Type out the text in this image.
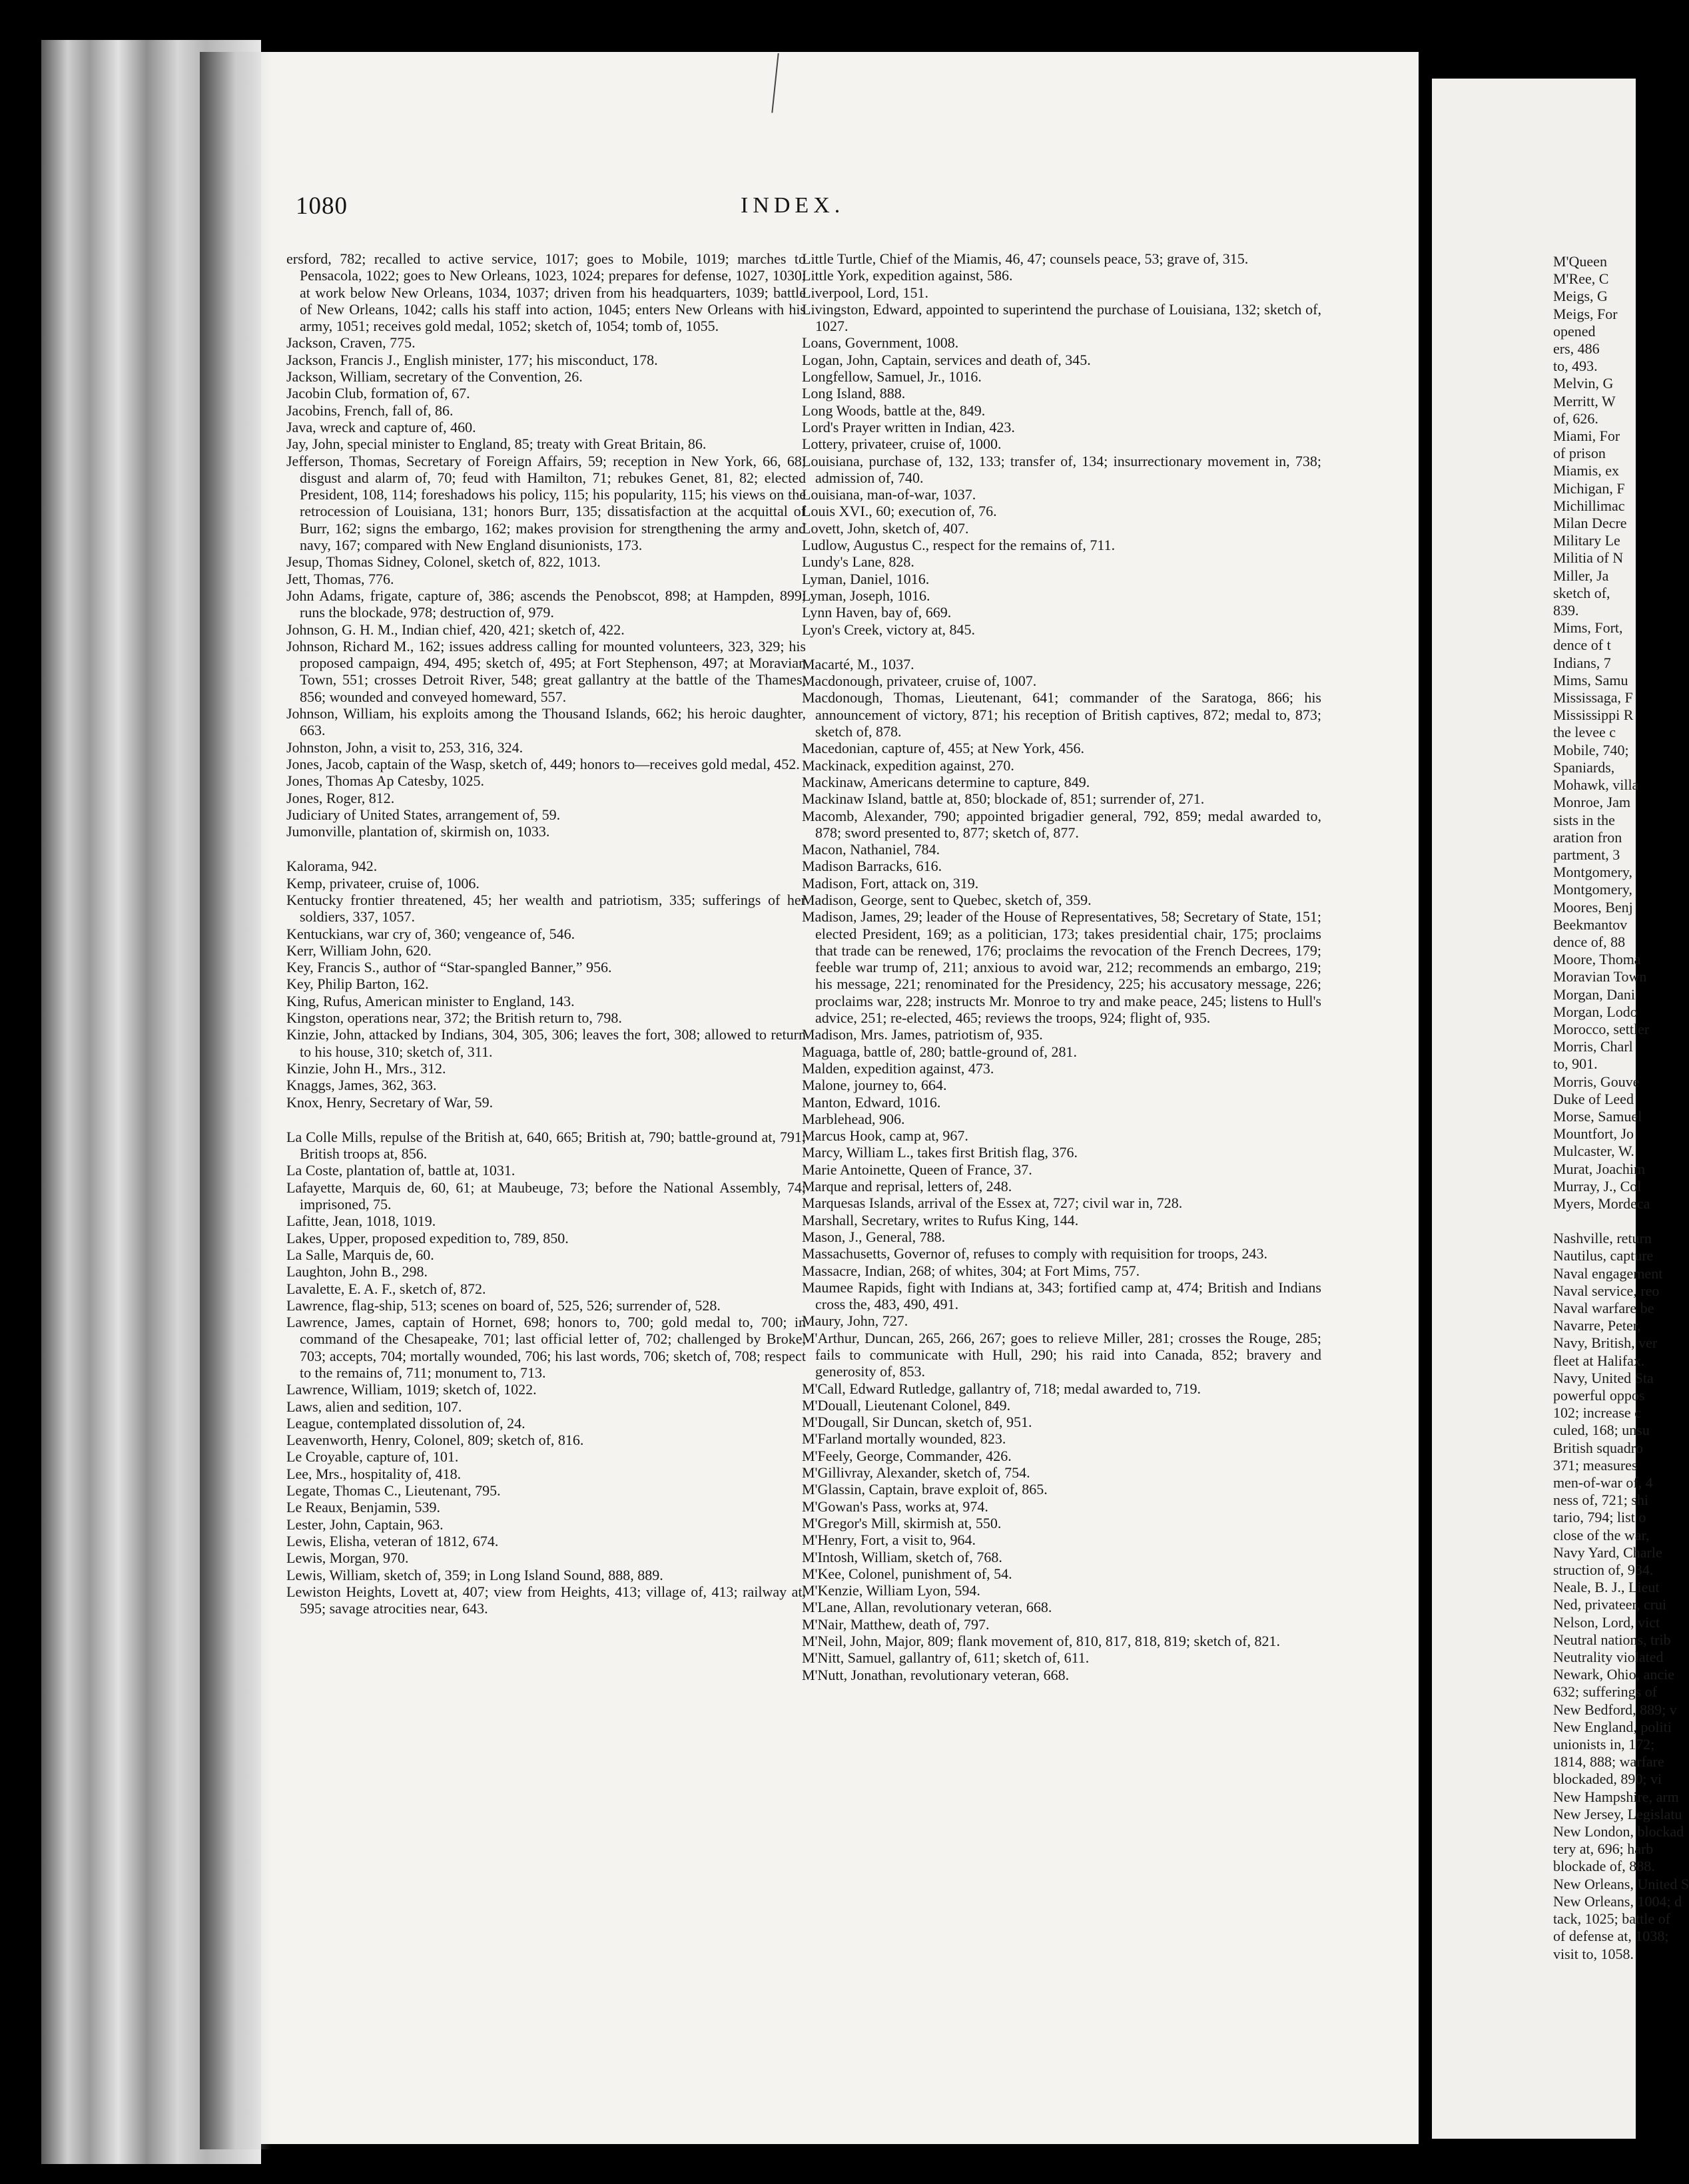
1080	INDEX.

ersford, 782; recalled to active service, 1017; goes to Mobile, 1019; marches to Pensacola, 1022; goes to New Orleans, 1023, 1024; prepares for defense, 1027, 1030; at work below New Orleans, 1034, 1037; driven from his headquarters, 1039; battle of New Orleans, 1042; calls his staff into action, 1045; enters New Orleans with his army, 1051; receives gold medal, 1052; sketch of, 1054; tomb of, 1055.

Jackson, Craven, 775.

Jackson, Francis J., English minister, 177; his misconduct, 178.

Jackson, William, secretary of the Convention, 26.

Jacobin Club, formation of, 67.

Jacobins, French, fall of, 86.

Java, wreck and capture of, 460.

Jay, John, special minister to England, 85; treaty with Great Britain, 86.

Jefferson, Thomas, Secretary of Foreign Affairs, 59; reception in New York, 66, 68; disgust and alarm of, 70; feud with Hamilton, 71; rebukes Genet, 81, 82; elected President, 108, 114; foreshadows his policy, 115; his popularity, 115; his views on the retrocession of Louisiana, 131; honors Burr, 135; dissatisfaction at the acquittal of Burr, 162; signs the embargo, 162; makes provision for strengthening the army and navy, 167; compared with New England disunionists, 173.

Jesup, Thomas Sidney, Colonel, sketch of, 822, 1013.

Jett, Thomas, 776.

John Adams, frigate, capture of, 386; ascends the Penobscot, 898; at Hampden, 899; runs the blockade, 978; destruction of, 979.

Johnson, G. H. M., Indian chief, 420, 421; sketch of, 422.

Johnson, Richard M., 162; issues address calling for mounted volunteers, 323, 329; his proposed campaign, 494, 495; sketch of, 495; at Fort Stephenson, 497; at Moravian Town, 551; crosses Detroit River, 548; great gallantry at the battle of the Thames, 856; wounded and conveyed homeward, 557.

Johnson, William, his exploits among the Thousand Islands, 662; his heroic daughter, 663.

Johnston, John, a visit to, 253, 316, 324.

Jones, Jacob, captain of the Wasp, sketch of, 449; honors to—receives gold medal, 452.

Jones, Thomas Ap Catesby, 1025.

Jones, Roger, 812.

Judiciary of United States, arrangement of, 59.

Jumonville, plantation of, skirmish on, 1033.

Kalorama, 942.

Kemp, privateer, cruise of, 1006.

Kentucky frontier threatened, 45; her wealth and patriotism, 335; sufferings of her soldiers, 337, 1057.

Kentuckians, war cry of, 360; vengeance of, 546.

Kerr, William John, 620.

Key, Francis S., author of “Star-spangled Banner,” 956.

Key, Philip Barton, 162.

King, Rufus, American minister to England, 143.

Kingston, operations near, 372; the British return to, 798.

Kinzie, John, attacked by Indians, 304, 305, 306; leaves the fort, 308; allowed to return to his house, 310; sketch of, 311.

Kinzie, John H., Mrs., 312.

Knaggs, James, 362, 363.

Knox, Henry, Secretary of War, 59.

La Colle Mills, repulse of the British at, 640, 665; British at, 790; battle-ground at, 791; British troops at, 856.

La Coste, plantation of, battle at, 1031.

Lafayette, Marquis de, 60, 61; at Maubeuge, 73; before the National Assembly, 74; imprisoned, 75.

Lafitte, Jean, 1018, 1019.

Lakes, Upper, proposed expedition to, 789, 850.

La Salle, Marquis de, 60.

Laughton, John B., 298.

Lavalette, E. A. F., sketch of, 872.

Lawrence, flag-ship, 513; scenes on board of, 525, 526; surrender of, 528.

Lawrence, James, captain of Hornet, 698; honors to, 700; gold medal to, 700; in command of the Chesapeake, 701; last official letter of, 702; challenged by Broke, 703; accepts, 704; mortally wounded, 706; his last words, 706; sketch of, 708; respect to the remains of, 711; monument to, 713.

Lawrence, William, 1019; sketch of, 1022.

Laws, alien and sedition, 107.

League, contemplated dissolution of, 24.

Leavenworth, Henry, Colonel, 809; sketch of, 816.

Le Croyable, capture of, 101.

Lee, Mrs., hospitality of, 418.

Legate, Thomas C., Lieutenant, 795.

Le Reaux, Benjamin, 539.

Lester, John, Captain, 963.

Lewis, Elisha, veteran of 1812, 674.

Lewis, Morgan, 970.

Lewis, William, sketch of, 359; in Long Island Sound, 888, 889.

Lewiston Heights, Lovett at, 407; view from Heights, 413; village of, 413; railway at, 595; savage atrocities near, 643.

Little Turtle, Chief of the Miamis, 46, 47; counsels peace, 53; grave of, 315.

Little York, expedition against, 586.

Liverpool, Lord, 151.

Livingston, Edward, appointed to superintend the purchase of Louisiana, 132; sketch of, 1027.

Loans, Government, 1008.

Logan, John, Captain, services and death of, 345.

Longfellow, Samuel, Jr., 1016.

Long Island, 888.

Long Woods, battle at the, 849.

Lord's Prayer written in Indian, 423.

Lottery, privateer, cruise of, 1000.

Louisiana, purchase of, 132, 133; transfer of, 134; insurrectionary movement in, 738; admission of, 740.

Louisiana, man-of-war, 1037.

Louis XVI., 60; execution of, 76.

Lovett, John, sketch of, 407.

Ludlow, Augustus C., respect for the remains of, 711.

Lundy's Lane, 828.

Lyman, Daniel, 1016.

Lyman, Joseph, 1016.

Lynn Haven, bay of, 669.

Lyon's Creek, victory at, 845.

Macarté, M., 1037.

Macdonough, privateer, cruise of, 1007.

Macdonough, Thomas, Lieutenant, 641; commander of the Saratoga, 866; his announcement of victory, 871; his reception of British captives, 872; medal to, 873; sketch of, 878.

Macedonian, capture of, 455; at New York, 456.

Mackinack, expedition against, 270.

Mackinaw, Americans determine to capture, 849.

Mackinaw Island, battle at, 850; blockade of, 851; surrender of, 271.

Macomb, Alexander, 790; appointed brigadier general, 792, 859; medal awarded to, 878; sword presented to, 877; sketch of, 877.

Macon, Nathaniel, 784.

Madison Barracks, 616.

Madison, Fort, attack on, 319.

Madison, George, sent to Quebec, sketch of, 359.

Madison, James, 29; leader of the House of Representatives, 58; Secretary of State, 151; elected President, 169; as a politician, 173; takes presidential chair, 175; proclaims that trade can be renewed, 176; proclaims the revocation of the French Decrees, 179; feeble war trump of, 211; anxious to avoid war, 212; recommends an embargo, 219; his message, 221; renominated for the Presidency, 225; his accusatory message, 226; proclaims war, 228; instructs Mr. Monroe to try and make peace, 245; listens to Hull's advice, 251; re-elected, 465; reviews the troops, 924; flight of, 935.

Madison, Mrs. James, patriotism of, 935.

Maguaga, battle of, 280; battle-ground of, 281.

Malden, expedition against, 473.

Malone, journey to, 664.

Manton, Edward, 1016.

Marblehead, 906.

Marcus Hook, camp at, 967.

Marcy, William L., takes first British flag, 376.

Marie Antoinette, Queen of France, 37.

Marque and reprisal, letters of, 248.

Marquesas Islands, arrival of the Essex at, 727; civil war in, 728.

Marshall, Secretary, writes to Rufus King, 144.

Mason, J., General, 788.

Massachusetts, Governor of, refuses to comply with requisition for troops, 243.

Massacre, Indian, 268; of whites, 304; at Fort Mims, 757.

Maumee Rapids, fight with Indians at, 343; fortified camp at, 474; British and Indians cross the, 483, 490, 491.

Maury, John, 727.

M'Arthur, Duncan, 265, 266, 267; goes to relieve Miller, 281; crosses the Rouge, 285; fails to communicate with Hull, 290; his raid into Canada, 852; bravery and generosity of, 853.

M'Call, Edward Rutledge, gallantry of, 718; medal awarded to, 719.

M'Douall, Lieutenant Colonel, 849.

M'Dougall, Sir Duncan, sketch of, 951.

M'Farland mortally wounded, 823.

M'Feely, George, Commander, 426.

M'Gillivray, Alexander, sketch of, 754.

M'Glassin, Captain, brave exploit of, 865.

M'Gowan's Pass, works at, 974.

M'Gregor's Mill, skirmish at, 550.

M'Henry, Fort, a visit to, 964.

M'Intosh, William, sketch of, 768.

M'Kee, Colonel, punishment of, 54.

M'Kenzie, William Lyon, 594.

M'Lane, Allan, revolutionary veteran, 668.

M'Nair, Matthew, death of, 797.

M'Neil, John, Major, 809; flank movement of, 810, 817, 818, 819; sketch of, 821.

M'Nitt, Samuel, gallantry of, 611; sketch of, 611.

M'Nutt, Jonathan, revolutionary veteran, 668.

M'Queen
M'Ree, C
Meigs, G
Meigs, For
opened
ers, 486
to, 493.
Melvin, G
Merritt, W
of, 626.
Miami, For
of prison
Miamis, ex
Michigan, F
Michillimac
Milan Decre
Military Le
Militia of N
Miller, Ja
sketch of,
839.
Mims, Fort,
dence of t
Indians, 7
Mims, Samu
Mississaga, F
Mississippi R
the levee c
Mobile, 740;
Spaniards,
Mohawk, villa
Monroe, Jam
sists in the
aration fron
partment, 3
Montgomery,
Montgomery,
Moores, Benj
Beekmantov
dence of, 88
Moore, Thoma
Moravian Town
Morgan, Dani
Morgan, Lodo
Morocco, settler
Morris, Charl
to, 901.
Morris, Gouve
Duke of Leed
Morse, Samuel
Mountfort, Jo
Mulcaster, W.
Murat, Joachim
Murray, J., Col
Myers, Mordeca
Nashville, return
Nautilus, capture
Naval engagement
Naval service, reo
Naval warfare be
Navarre, Peter,
Navy, British, ver
fleet at Halifax.
Navy, United Sta
powerful oppos
102; increase c
culed, 168; unsu
British squadro
371; measures
men-of-war of, 4
ness of, 721; shi
tario, 794; list o
close of the war,
Navy Yard, Charle
struction of, 934.
Neale, B. J., Lieut
Ned, privateer, crui
Nelson, Lord, vict
Neutral nations, trib
Neutrality violated
Newark, Ohio, ancie
632; sufferings of
New Bedford, 889; v
New England, politi
unionists in, 172;
1814, 888; warfare
blockaded, 890; vi
New Hampshire, arm
New Jersey, Legislatu
New London, blockad
tery at, 696; harb
blockade of, 888.
New Orleans, United S
New Orleans, 1004; d
tack, 1025; battle of
of defense at, 1038;
visit to, 1058.
